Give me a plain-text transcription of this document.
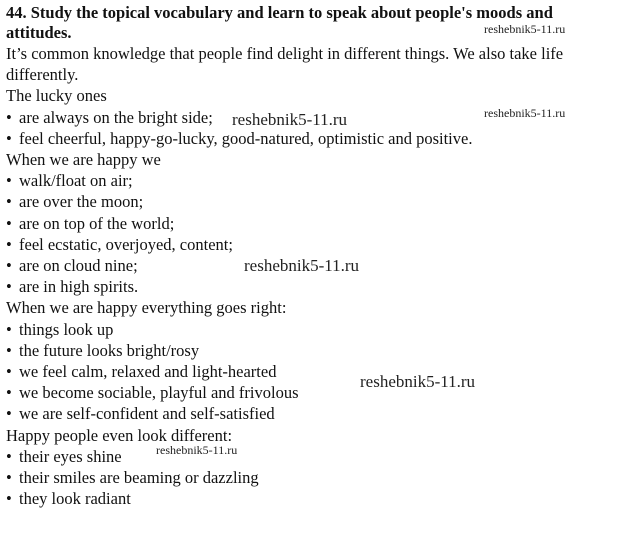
44. Study the topical vocabulary and learn to speak about people's moods and attitudes.

It’s common knowledge that people find delight in different things. We also take life differently.
The lucky ones
• are always on the bright side;
• feel cheerful, happy-go-lucky, good-natured, optimistic and positive.
When we are happy we
• walk/float on air;
• are over the moon;
• are on top of the world;
• feel ecstatic, overjoyed, content;
• are on cloud nine;
• are in high spirits.
When we are happy everything goes right:
• things look up
• the future looks bright/rosy
• we feel calm, relaxed and light-hearted
• we become sociable, playful and frivolous
• we are self-confident and self-satisfied
Happy people even look different:
• their eyes shine
• their smiles are beaming or dazzling
• they look radiant
reshebnik5-11.ru
reshebnik5-11.ru	reshebnik5-11.ru
reshebnik5-11.ru
reshebnik5-11.ru
reshebnik5-11.ru
